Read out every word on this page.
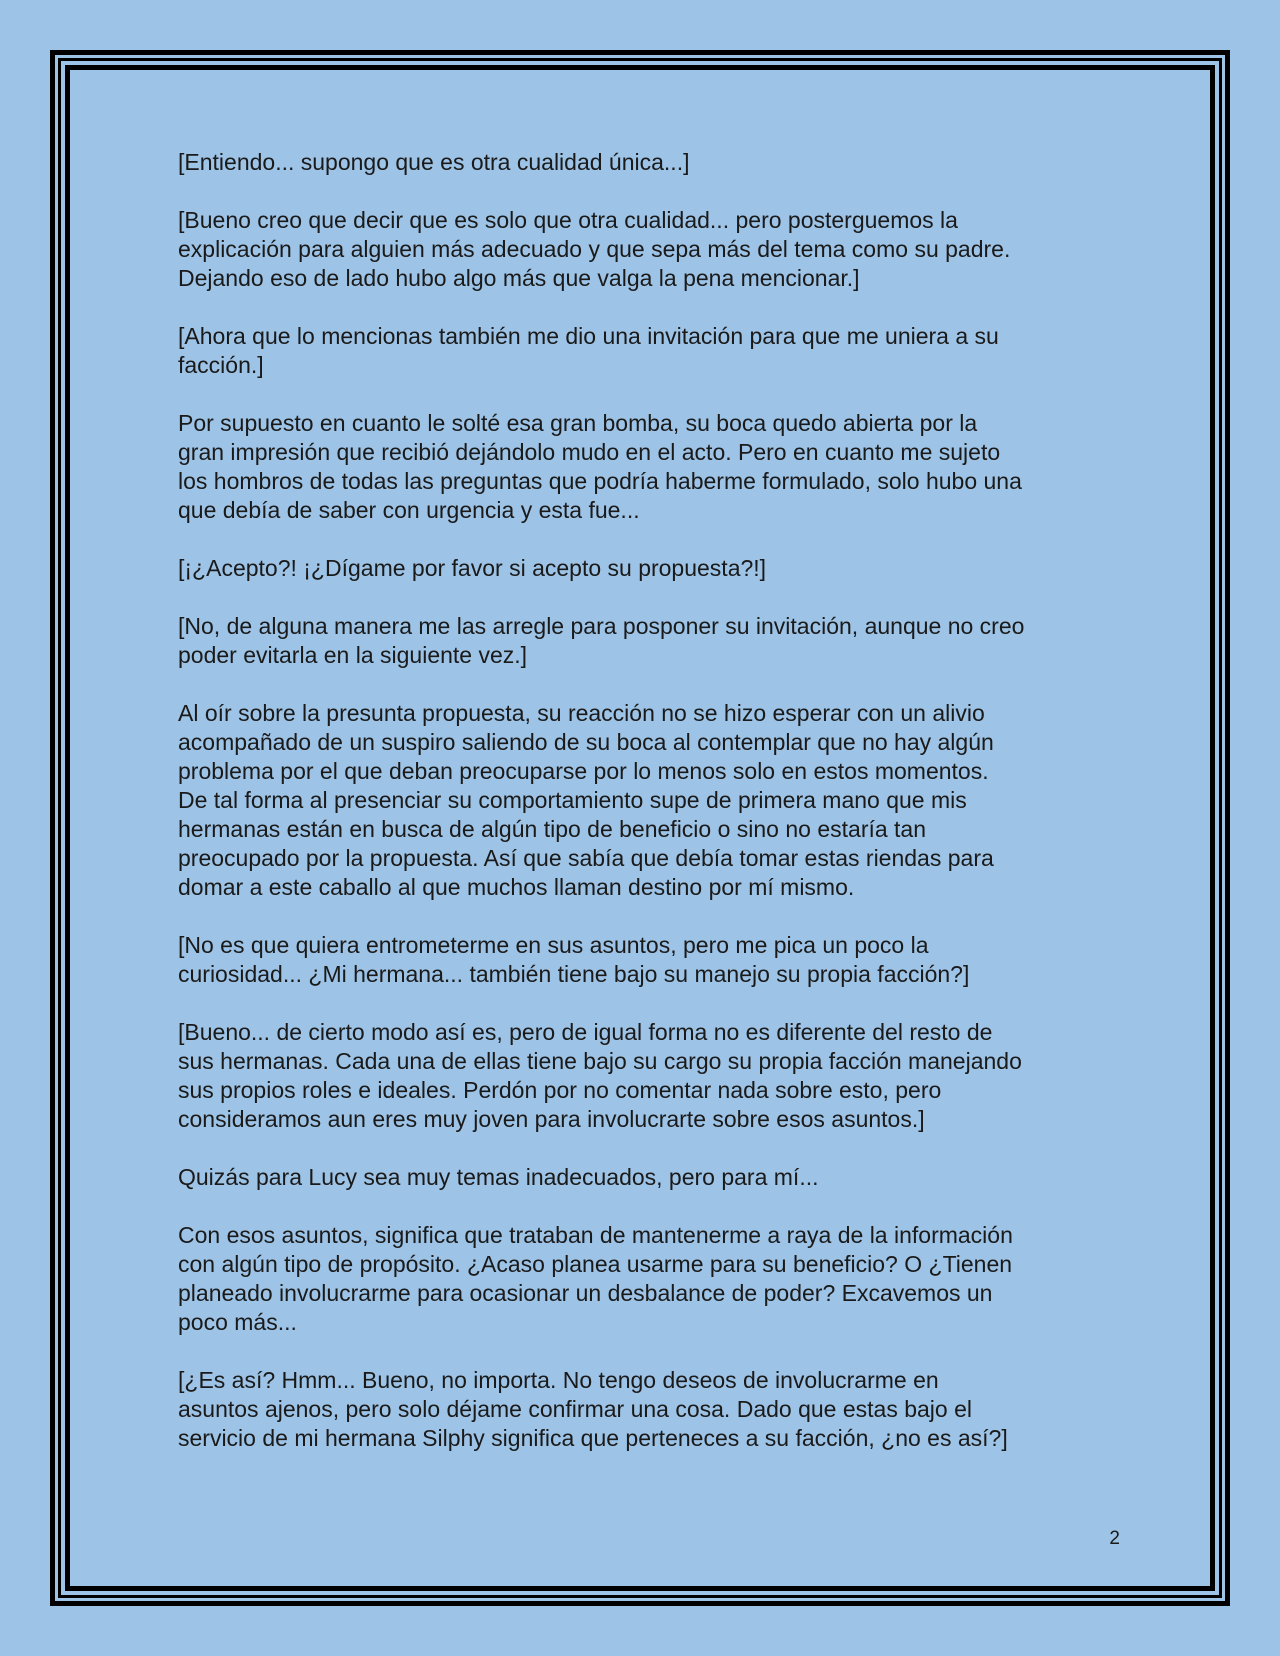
[Entiendo... supongo que es otra cualidad única...]

[Bueno creo que decir que es solo que otra cualidad... pero posterguemos la
explicación para alguien más adecuado y que sepa más del tema como su padre.
Dejando eso de lado hubo algo más que valga la pena mencionar.]

[Ahora que lo mencionas también me dio una invitación para que me uniera a su
facción.]

Por supuesto en cuanto le solté esa gran bomba, su boca quedo abierta por la
gran impresión que recibió dejándolo mudo en el acto. Pero en cuanto me sujeto
los hombros de todas las preguntas que podría haberme formulado, solo hubo una
que debía de saber con urgencia y esta fue...

[¡¿Acepto?! ¡¿Dígame por favor si acepto su propuesta?!]

[No, de alguna manera me las arregle para posponer su invitación, aunque no creo
poder evitarla en la siguiente vez.]

Al oír sobre la presunta propuesta, su reacción no se hizo esperar con un alivio
acompañado de un suspiro saliendo de su boca al contemplar que no hay algún
problema por el que deban preocuparse por lo menos solo en estos momentos.
De tal forma al presenciar su comportamiento supe de primera mano que mis
hermanas están en busca de algún tipo de beneficio o sino no estaría tan
preocupado por la propuesta. Así que sabía que debía tomar estas riendas para
domar a este caballo al que muchos llaman destino por mí mismo.

[No es que quiera entrometerme en sus asuntos, pero me pica un poco la
curiosidad... ¿Mi hermana... también tiene bajo su manejo su propia facción?]

[Bueno... de cierto modo así es, pero de igual forma no es diferente del resto de
sus hermanas. Cada una de ellas tiene bajo su cargo su propia facción manejando
sus propios roles e ideales. Perdón por no comentar nada sobre esto, pero
consideramos aun eres muy joven para involucrarte sobre esos asuntos.]

Quizás para Lucy sea muy temas inadecuados, pero para mí...

Con esos asuntos, significa que trataban de mantenerme a raya de la información
con algún tipo de propósito. ¿Acaso planea usarme para su beneficio? O ¿Tienen
planeado involucrarme para ocasionar un desbalance de poder? Excavemos un
poco más...

[¿Es así? Hmm... Bueno, no importa. No tengo deseos de involucrarme en
asuntos ajenos, pero solo déjame confirmar una cosa. Dado que estas bajo el
servicio de mi hermana Silphy significa que perteneces a su facción, ¿no es así?]

2
